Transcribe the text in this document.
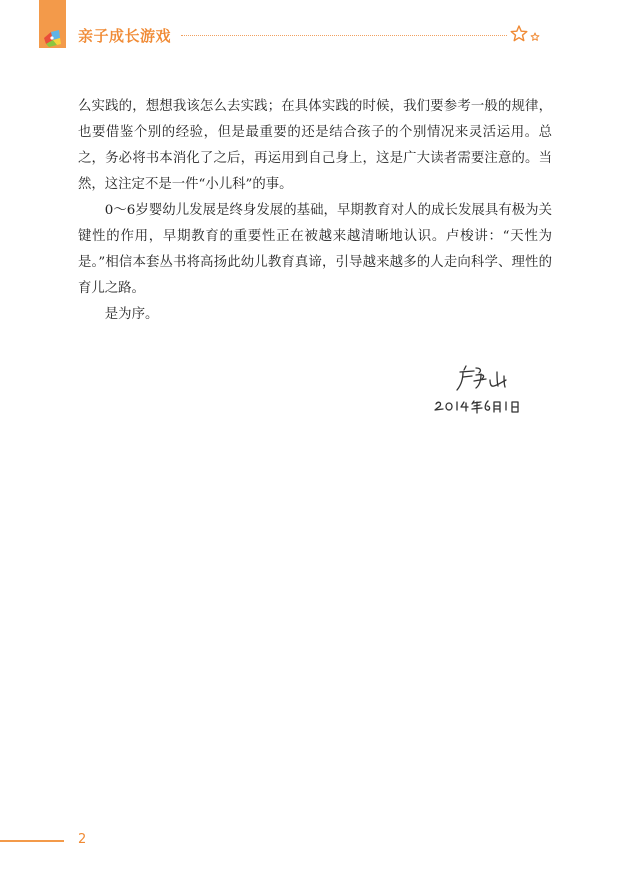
亲子成长游戏

么实践的，想想我该怎么去实践；在具体实践的时候，我们要参考一般的规律，也要借鉴个别的经验，但是最重要的还是结合孩子的个别情况来灵活运用。总之，务必将书本消化了之后，再运用到自己身上，这是广大读者需要注意的。当然，这注定不是一件“小儿科”的事。

0～6岁婴幼儿发展是终身发展的基础，早期教育对人的成长发展具有极为关键性的作用，早期教育的重要性正在被越来越清晰地认识。卢梭讲：“天性为是。”相信本套丛书将高扬此幼儿教育真谛，引导越来越多的人走向科学、理性的育儿之路。

是为序。

2
